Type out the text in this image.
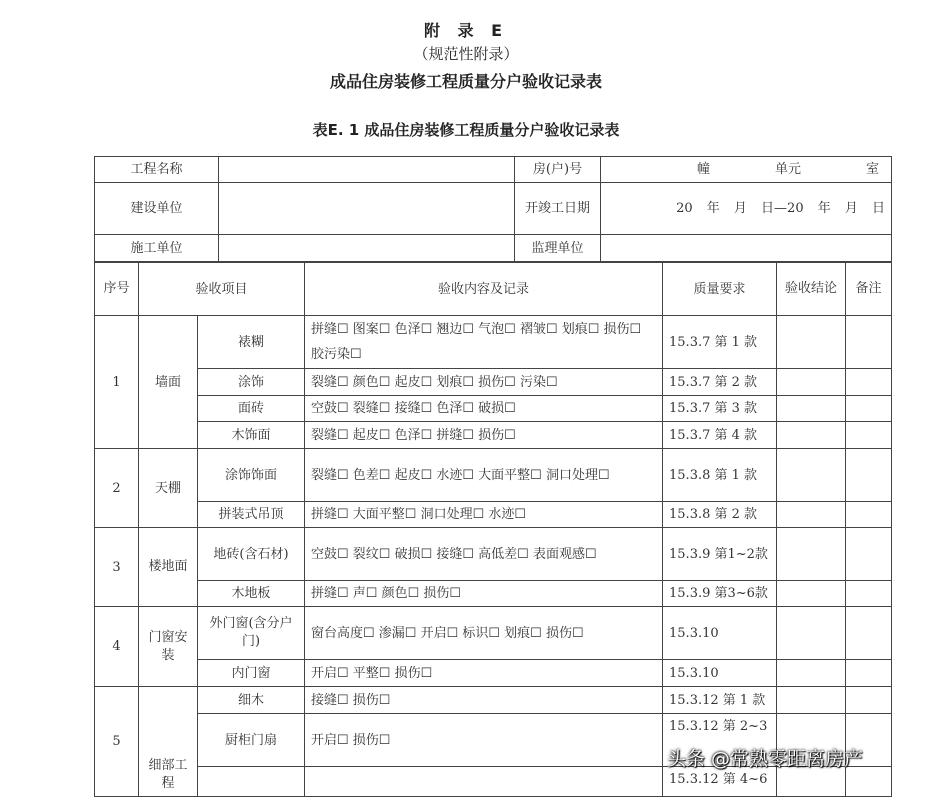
附 录 E
（规范性附录）
成品住房装修工程质量分户验收记录表
表E. 1 成品住房装修工程质量分户验收记录表
工程名称		房(户)号	幢 单元 室

建设单位		开竣工日期	20 年 月 日—20 年 月 日
施工单位		监理单位	
序号	验收项目		验收内容及记录	质量要求	验收结论	备注
1	墙面	裱糊	拼缝☐ 图案☐ 色泽☐ 翘边☐ 气泡☐ 褶皱☐ 划痕☐ 损伤☐ 胶污染☐	15.3.7 第 1 款		
		涂饰	裂缝☐ 颜色☐ 起皮☐ 划痕☐ 损伤☐ 污染☐	15.3.7 第 2 款		
		面砖	空鼓☐ 裂缝☐ 接缝☐ 色泽☐ 破损☐	15.3.7 第 3 款		
		木饰面	裂缝☐ 起皮☐ 色泽☐ 拼缝☐ 损伤☐	15.3.7 第 4 款		
2	天棚	涂饰饰面	裂缝☐ 色差☐ 起皮☐ 水迹☐ 大面平整☐ 洞口处理☐	15.3.8 第 1 款		
		拼装式吊顶	拼缝☐ 大面平整☐ 洞口处理☐ 水迹☐	15.3.8 第 2 款		
3	楼地面	地砖(含石材)	空鼓☐ 裂纹☐ 破损☐ 接缝☐ 高低差☐ 表面观感☐	15.3.9 第1~2款		
		木地板	拼缝☐ 声☐ 颜色☐ 损伤☐	15.3.9 第3~6款		
4	门窗安装	外门窗(含分户门)	窗台高度☐ 渗漏☐ 开启☐ 标识☐ 划痕☐ 损伤☐	15.3.10		
		内门窗	开启☐ 平整☐ 损伤☐	15.3.10		
5	细部工程	细木	接缝☐ 损伤☐	15.3.12 第 1 款		
		厨柜门扇	开启☐ 损伤☐	15.3.12 第 2~3		
				15.3.12 第 4~6		
头条 @常熟零距离房产
